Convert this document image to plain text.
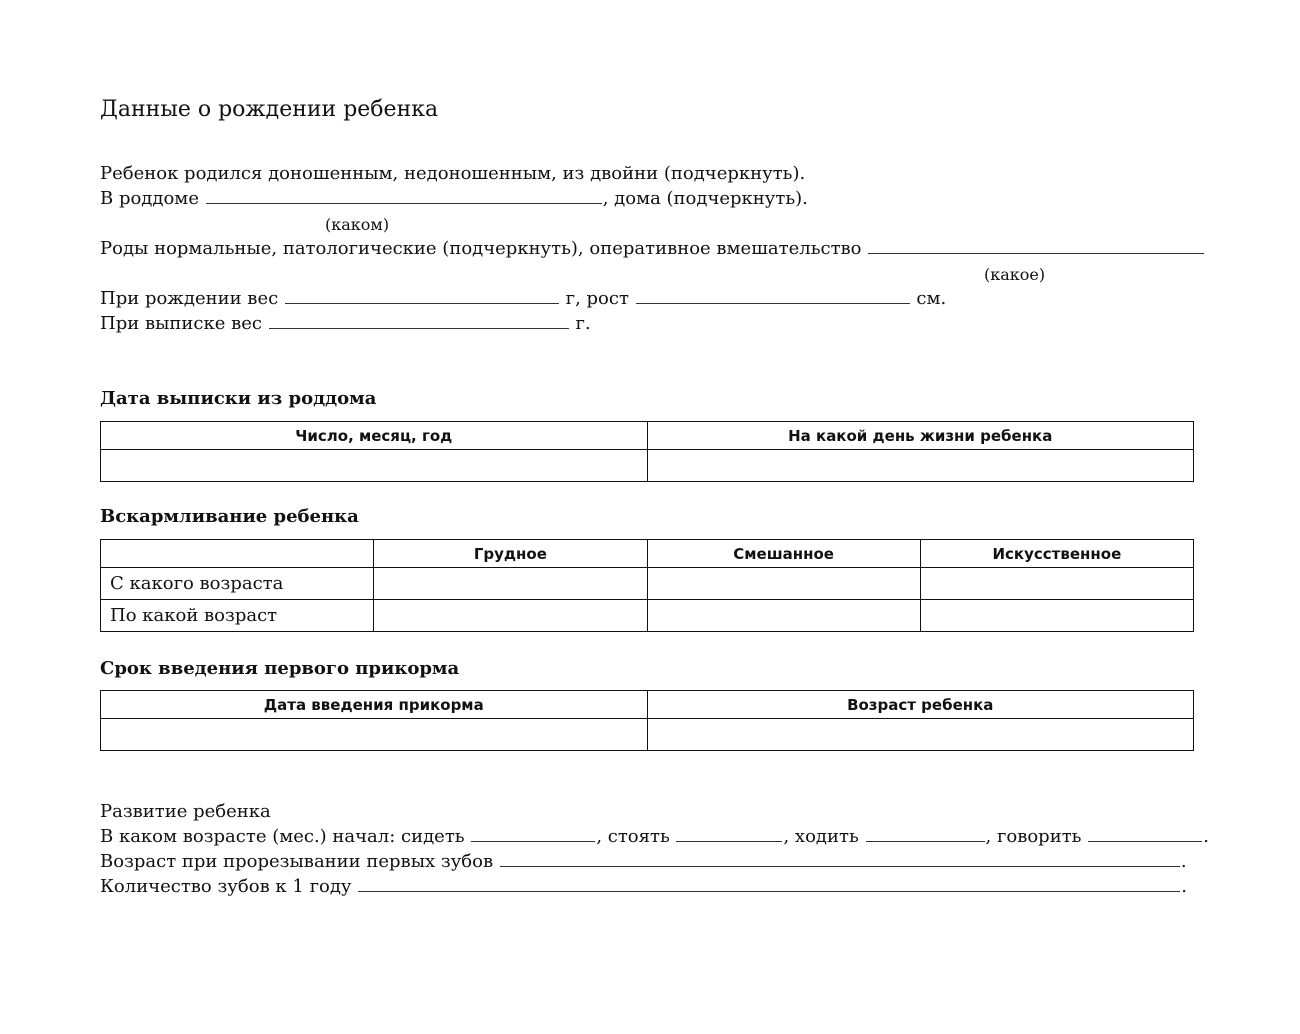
Данные о рождении ребенка
Ребенок родился доношенным, недоношенным, из двойни (подчеркнуть).
В роддоме	, дома (подчеркнуть).
(каком)
Роды нормальные, патологические (подчеркнуть), оперативное вмешательство
(какое)
При рождении вес	г, рост	см.
При выписке вес	г.
Дата выписки из роддома
Число, месяц, год	На какой день жизни ребенка

Вскармливание ребенка
	Грудное	Смешанное	Искусственное
С какого возраста			
По какой возраст			
Срок введения первого прикорма
Дата введения прикорма	Возраст ребенка

Развитие ребенка
В каком возрасте (мес.) начал: сидеть	, стоять	, ходить	, говорить	.
Возраст при прорезывании первых зубов	.
Количество зубов к 1 году	.
